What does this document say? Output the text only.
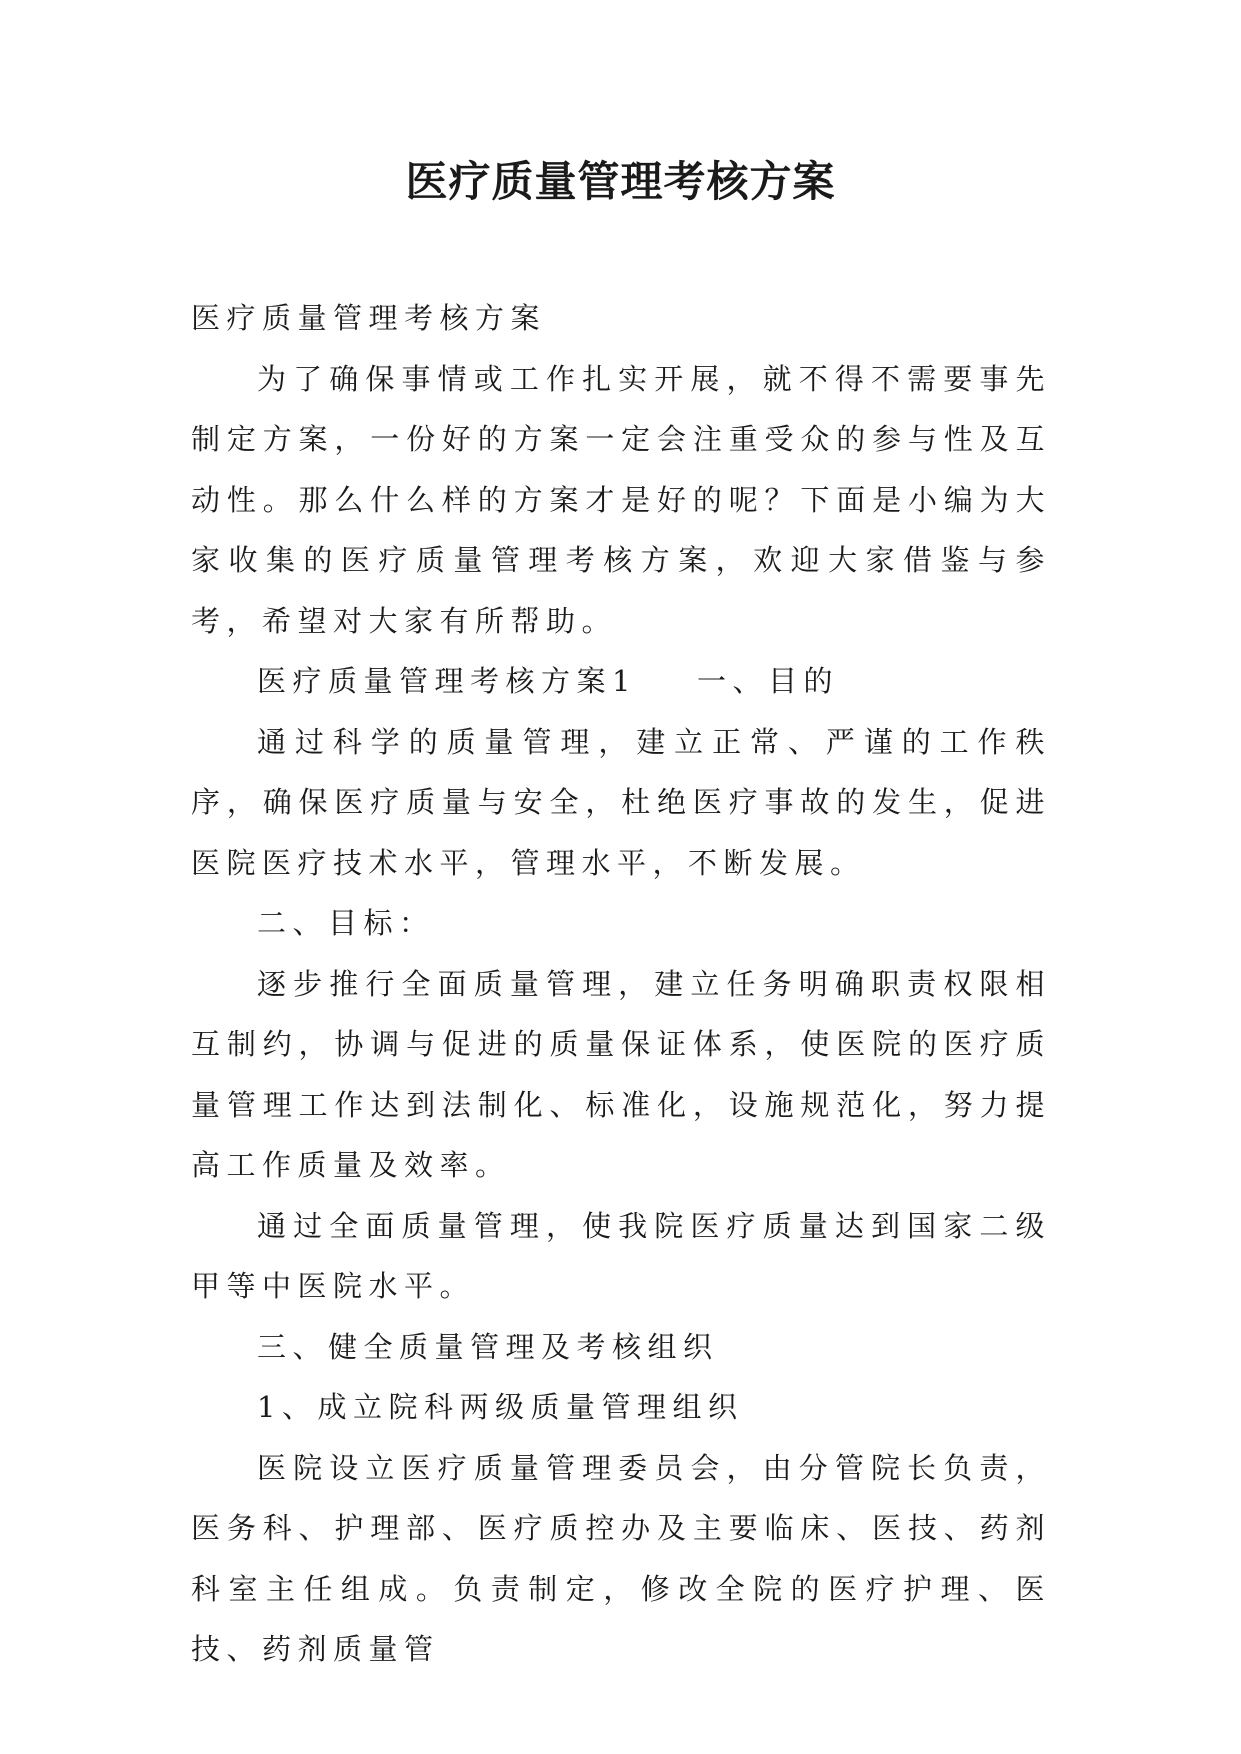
医疗质量管理考核方案

医疗质量管理考核方案

为了确保事情或工作扎实开展，就不得不需要事先制定方案，一份好的方案一定会注重受众的参与性及互动性。那么什么样的方案才是好的呢？下面是小编为大家收集的医疗质量管理考核方案，欢迎大家借鉴与参考，希望对大家有所帮助。

医疗质量管理考核方案1 一、目的

通过科学的质量管理，建立正常、严谨的工作秩序，确保医疗质量与安全，杜绝医疗事故的发生，促进医院医疗技术水平，管理水平，不断发展。

二、目标：

逐步推行全面质量管理，建立任务明确职责权限相互制约，协调与促进的质量保证体系，使医院的医疗质量管理工作达到法制化、标准化，设施规范化，努力提高工作质量及效率。

通过全面质量管理，使我院医疗质量达到国家二级甲等中医院水平。

三、健全质量管理及考核组织

1、成立院科两级质量管理组织

医院设立医疗质量管理委员会，由分管院长负责，医务科、护理部、医疗质控办及主要临床、医技、药剂科室主任组成。负责制定，修改全院的医疗护理、医技、药剂质量管
